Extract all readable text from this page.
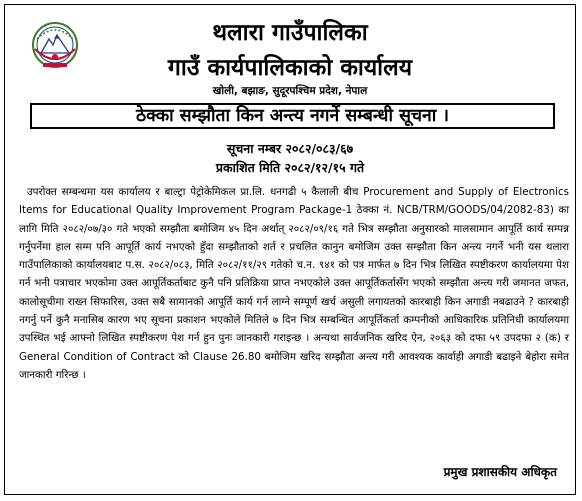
थलारा गाउँपालिका
गाउँ कार्यपालिकाको कार्यालय
खोली, बझाङ, सुदूरपश्चिम प्रदेश, नेपाल
ठेक्का सम्झौता किन अन्त्य नगर्ने सम्बन्धी सूचना ।
सूचना नम्बर २०८२/०८३/६७
प्रकाशित मिति २०८२/१२/१५ गते
उपरोक्त सम्बन्धमा यस कार्यालय र बाल्ट्रा पेट्रोकेमिकल प्रा.लि. धनगढी ५ कैलाली बीच Procurement and Supply of Electronics Items for Educational Quality Improvement Program Package-1 ठेक्का नं. NCB/TRM/GOODS/04/2082-83) का लागि मिति २०८२/०७/३० गते भएको सम्झौता बमोजिम ४५ दिन अर्थात् २०८२/०९/१६ गते भित्र सम्झौता अनुसारको मालसामान आपूर्ति कार्य सम्पन्न गर्नुपर्नेमा हाल सम्म पनि आपूर्ति कार्य नभएको हुँदा सम्झौताको शर्त र प्रचलित कानुन बमोजिम उक्त सम्झौता किन अन्त्य नगर्ने भनी यस थलारा गाउँपालिकाको कार्यालयबाट प.स. २०८२/०८३, मिति २०८२/११/२९ गतेको च.न. ९४१ को पत्र मार्फत ७ दिन भित्र लिखित स्पष्टीकरण कार्यालयमा पेश गर्न भनी पत्राचार भएकोमा उक्त आपूर्तिकर्ताबाट कुनै पनि प्रतिक्रिया प्राप्त नभएकोले उक्त आपूर्तिकर्तासँग भएको सम्झौता अन्त्य गरी जमानत जफत, कालोसूचीमा राख्न सिफारिस, उक्त सबै सामानको आपूर्ति कार्य गर्न लाग्ने सम्पूर्ण खर्च असुली लगायतको कारबाही किन अगाडी नबढाउने ? कारबाही नगर्नु पर्ने कुनै मनासिब कारण भए सूचना प्रकाशन भएकोले मितिले ७ दिन भित्र सम्बन्धित आपूर्तिकर्ता कम्पनीको आधिकारिक प्रतिनिधी कार्यालयमा उपस्थित भई आफ्नो लिखित स्पष्टीकरण पेश गर्न हुन पुनः जानकारी गराइन्छ । अन्यथा सार्वजनिक खरिद ऐन, २०६३ को दफा ५९ उपदफा २ (क) र General Condition of Contract को Clause 26.80 बमोजिम खरिद सम्झौता अन्त्य गरी आवश्यक कार्वाही अगाडी बढाइने बेहोरा समेत जानकारी गरिन्छ ।
प्रमुख प्रशासकीय अधिकृत
